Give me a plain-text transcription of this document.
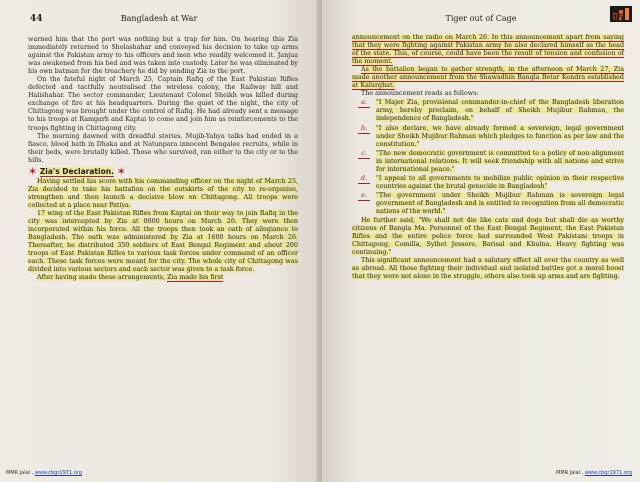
44	Bangladesh at War

warned him that the port was nothing but a trap for him. On hearing this Zia immediately returned to Sholashahar and conveyed his decision to take up arms against the Pakistan army to his officers and men who readily welcomed it. Janjua was awakened from his bed and was taken into custody. Later he was eliminated by his own batman for the treachery he did by sending Zia to the port.

On the fateful night of March 25, Captain Rafiq of the East Pakistan Rifles defected and tactfully neutralised the wireless colony, the Railway hill and Halishahar. The sector commander, Lieutenant Colonel Sheikh was killed during exchange of fire at his headquarters. During the quiet of the night, the city of Chittagong was brought under the control of Rafiq. He had already sent a message to his troops at Ramgarh and Kaptai to come and join him as reinforcements to the troops fighting in Chittagong city.

The morning dawned with dreadful stories. Mujib-Yahya talks had ended in a fiasco, blood bath in Dhaka and at Natunpara innocent Bengalee recruits, while in their beds, were brutally killed. Those who survived, ran either to the city or to the hills.

✶ Zia's Declaration. ✶

Having settled his score with his commanding officer on the night of March 25, Zia decided to take his battalion on the outskirts of the city to re-organise, strengthen and then launch a decisive blow on Chittagong. All troops were collected at a place near Patiya.

17 wing of the East Pakistan Rifles from Kaptai on their way to join Rafiq in the city was intercepted by Zia at 0800 hours on March 26. They were then incorporated within his force. All the troops then took an oath of allegiance to Bangladesh. The oath was administered by Zia at 1600 hours on March 26. Thereafter, he distributed 350 soldiers of East Bengal Regiment and about 200 troops of East Pakistan Rifles to various task forces under command of an officer each. These task forces were meant for the city. The whole city of Chittagong was divided into various sectors and each sector was given to a task force.

After having made these arrangements, Zia made his first

MMR Jalal , www.cbgr1971.org
Tiger out of Cage	45

announcement on the radio on March 26. In this announcement apart from saying that they were fighting against Pakistan army he also declared himself as the head of the state. This, of course, could have been the result of tension and confusion of the moment.

As the battalion began to gather strength, in the afternoon of March 27, Zia made another announcement from the Shawadhin Bangla Betar Kendra established at Kalurghat.

The announcement reads as follows:

a.	"I Major Zia, provisional commander-in-chief of the Bangladesh liberation army, hereby proclaim, on behalf of Sheikh Mujibur Rahman, the independence of Bangladesh."
b.	"I also declare, we have already formed a sovereign, legal government under Sheikh Mujibur Rahman which pledges to function as per law and the constitution."
c.	"The new democratic government is committed to a policy of non-alignment in international relations. It will seek friendship with all nations and strive for international peace."
d.	"I appeal to all governments to mobilize public opinion in their respective countries against the brutal genocide in Bangladesh"
e.	"The government under Sheikh Mujibur Rahman is sovereign legal government of Bangladesh and is entitled to recognition from all democratic nations of the world."

He further said, "We shall not die like cats and dogs but shall die as worthy citizens of Bangla Ma. Personnel of the East Bengal Regiment, the East Pakistan Rifles and the entire police force had surrounded West Pakistani troops in Chittagong, Comilla, Sylhet Jessore, Barisal and Khulna. Heavy fighting was continuing."

This significant announcement had a salutary effect all over the country as well as abroad. All those fighting their individual and isolated battles got a moral boost that they were not alone in the struggle, others also took up arms and are fighting.

MMR Jalal , www.cbgr1971.org
